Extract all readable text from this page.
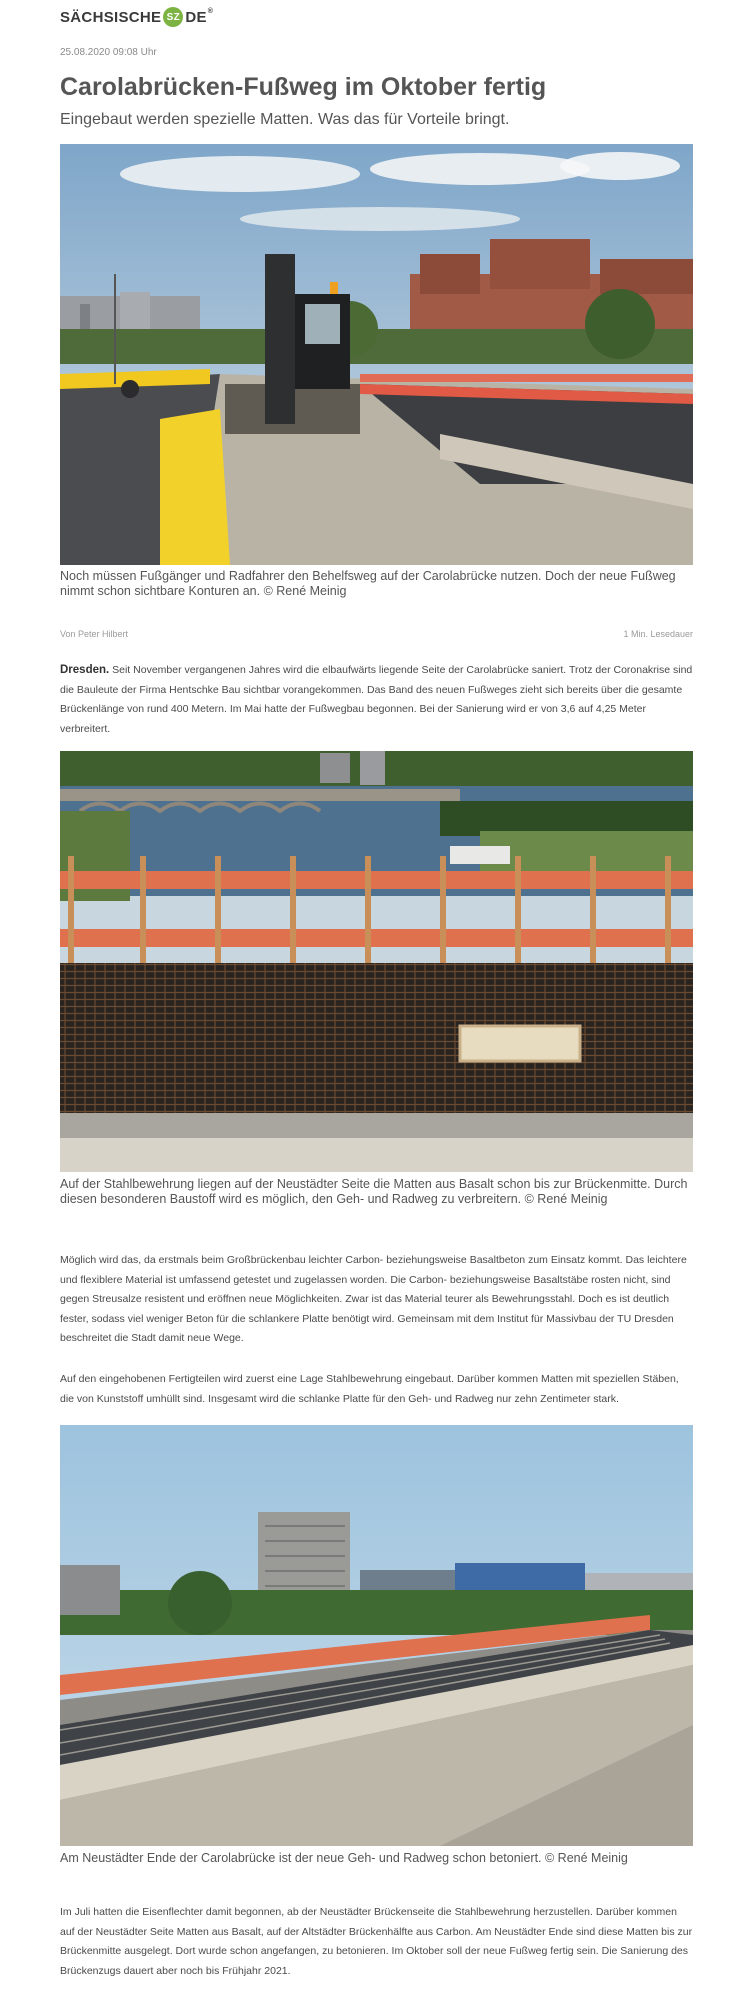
SÄCHSISCHE SZ DE ®
25.08.2020 09:08 Uhr
Carolabrücken-Fußweg im Oktober fertig
Eingebaut werden spezielle Matten. Was das für Vorteile bringt.
Noch müssen Fußgänger und Radfahrer den Behelfsweg auf der Carolabrücke nutzen. Doch der neue Fußweg nimmt schon sichtbare Konturen an. © René Meinig
Von Peter Hilbert	1 Min. Lesedauer
Dresden. Seit November vergangenen Jahres wird die elbaufwärts liegende Seite der Carolabrücke saniert. Trotz der Coronakrise sind die Bauleute der Firma Hentschke Bau sichtbar vorangekommen. Das Band des neuen Fußweges zieht sich bereits über die gesamte Brückenlänge von rund 400 Metern. Im Mai hatte der Fußwegbau begonnen. Bei der Sanierung wird er von 3,6 auf 4,25 Meter verbreitert.
Auf der Stahlbewehrung liegen auf der Neustädter Seite die Matten aus Basalt schon bis zur Brückenmitte. Durch diesen besonderen Baustoff wird es möglich, den Geh- und Radweg zu verbreitern. © René Meinig
Möglich wird das, da erstmals beim Großbrückenbau leichter Carbon- beziehungsweise Basaltbeton zum Einsatz kommt. Das leichtere und flexiblere Material ist umfassend getestet und zugelassen worden. Die Carbon- beziehungsweise Basaltstäbe rosten nicht, sind gegen Streusalze resistent und eröffnen neue Möglichkeiten. Zwar ist das Material teurer als Bewehrungsstahl. Doch es ist deutlich fester, sodass viel weniger Beton für die schlankere Platte benötigt wird. Gemeinsam mit dem Institut für Massivbau der TU Dresden beschreitet die Stadt damit neue Wege.
Auf den eingehobenen Fertigteilen wird zuerst eine Lage Stahlbewehrung eingebaut. Darüber kommen Matten mit speziellen Stäben, die von Kunststoff umhüllt sind. Insgesamt wird die schlanke Platte für den Geh- und Radweg nur zehn Zentimeter stark.
Am Neustädter Ende der Carolabrücke ist der neue Geh- und Radweg schon betoniert. © René Meinig
Im Juli hatten die Eisenflechter damit begonnen, ab der Neustädter Brückenseite die Stahlbewehrung herzustellen. Darüber kommen auf der Neustädter Seite Matten aus Basalt, auf der Altstädter Brückenhälfte aus Carbon. Am Neustädter Ende sind diese Matten bis zur Brückenmitte ausgelegt. Dort wurde schon angefangen, zu betonieren. Im Oktober soll der neue Fußweg fertig sein. Die Sanierung des Brückenzugs dauert aber noch bis Frühjahr 2021.
